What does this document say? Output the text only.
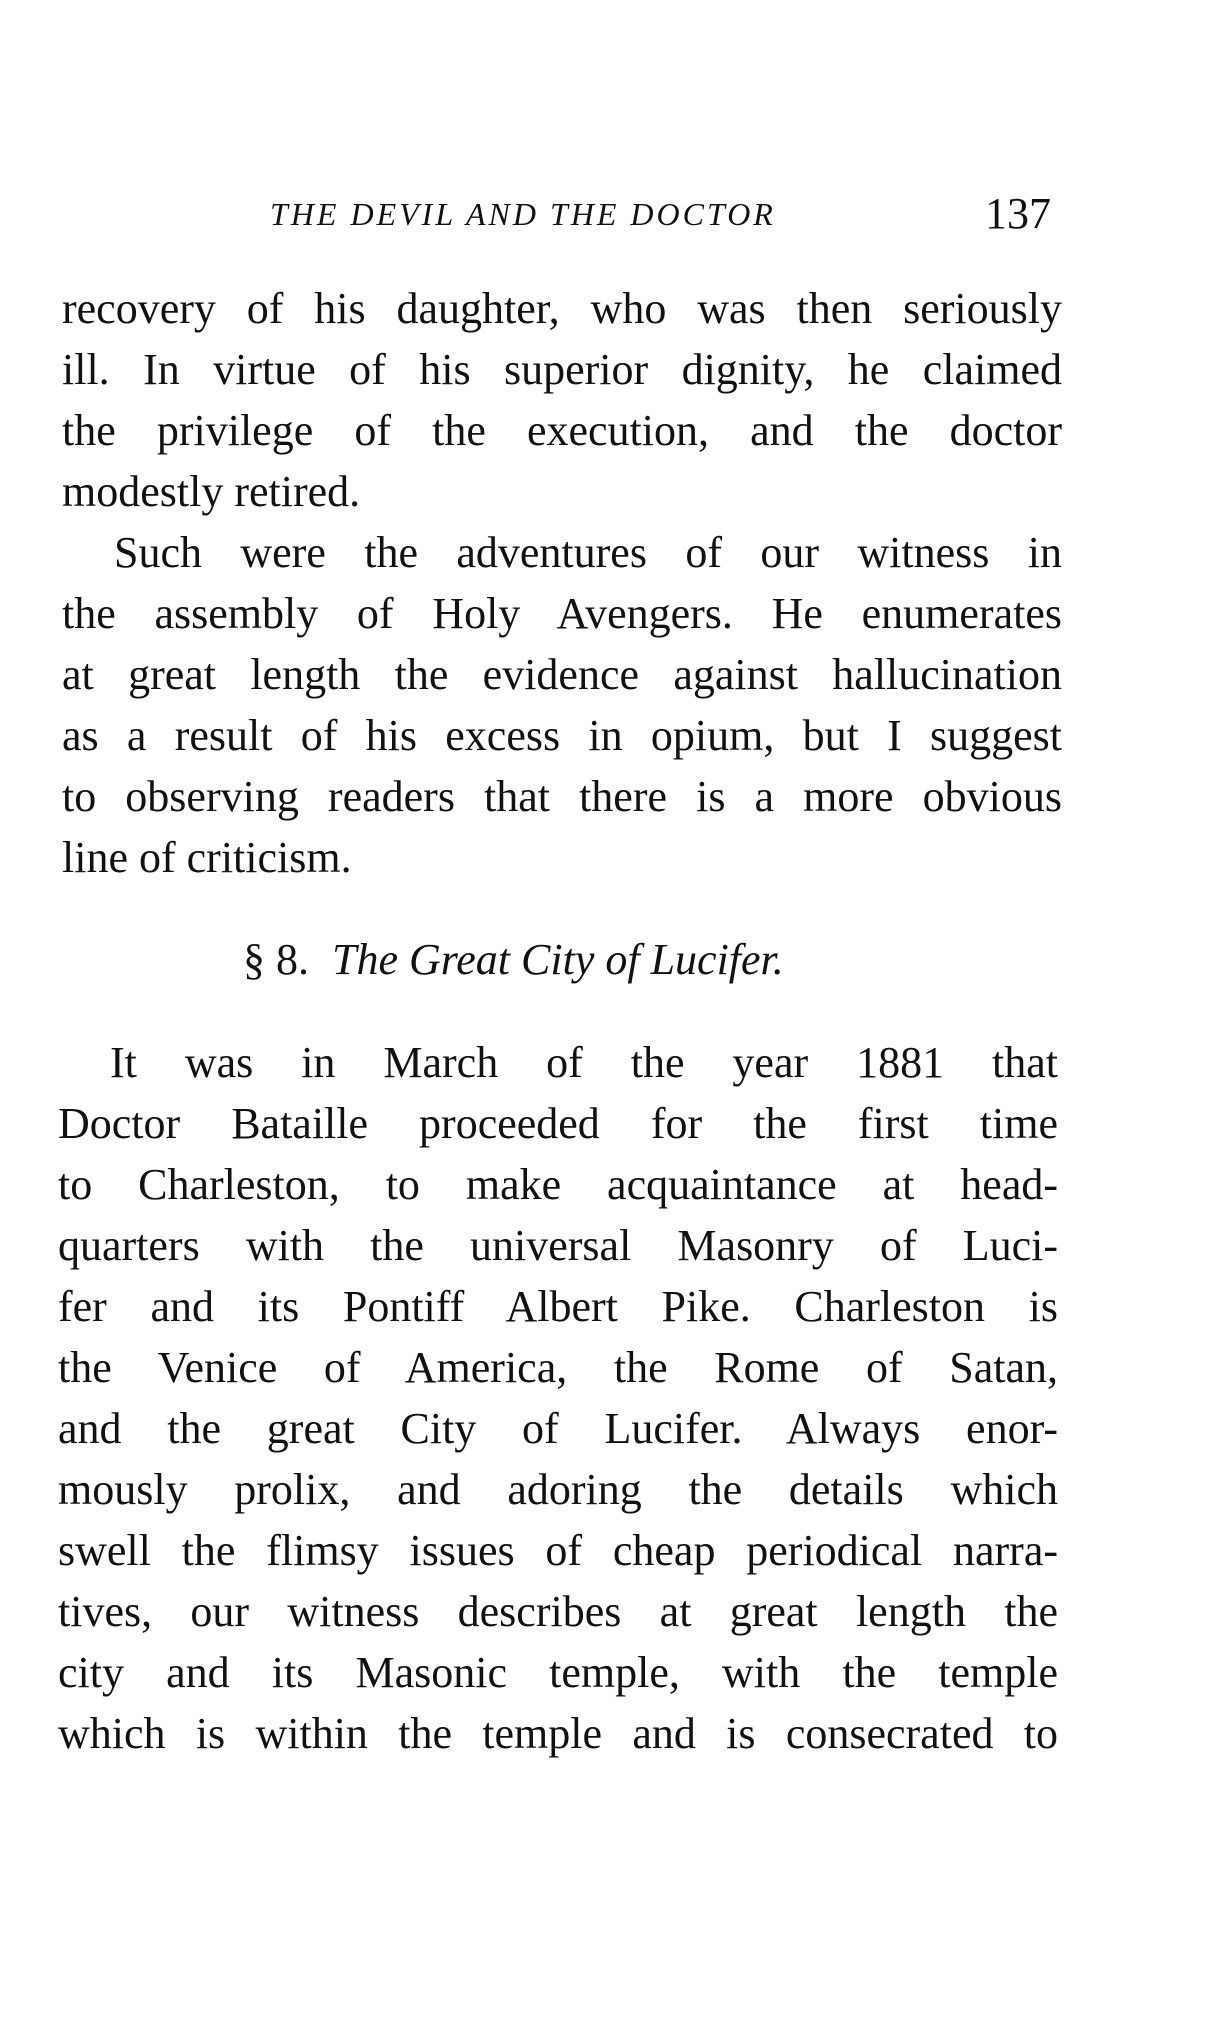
THE DEVIL AND THE DOCTOR	137
recovery of his daughter, who was then seriously
ill. In virtue of his superior dignity, he claimed
the privilege of the execution, and the doctor
modestly retired.
Such were the adventures of our witness in
the assembly of Holy Avengers. He enumerates
at great length the evidence against hallucination
as a result of his excess in opium, but I suggest
to observing readers that there is a more obvious
line of criticism.
§ 8. The Great City of Lucifer.
It was in March of the year 1881 that
Doctor Bataille proceeded for the first time
to Charleston, to make acquaintance at head-
quarters with the universal Masonry of Luci-
fer and its Pontiff Albert Pike. Charleston is
the Venice of America, the Rome of Satan,
and the great City of Lucifer. Always enor-
mously prolix, and adoring the details which
swell the flimsy issues of cheap periodical narra-
tives, our witness describes at great length the
city and its Masonic temple, with the temple
which is within the temple and is consecrated to
